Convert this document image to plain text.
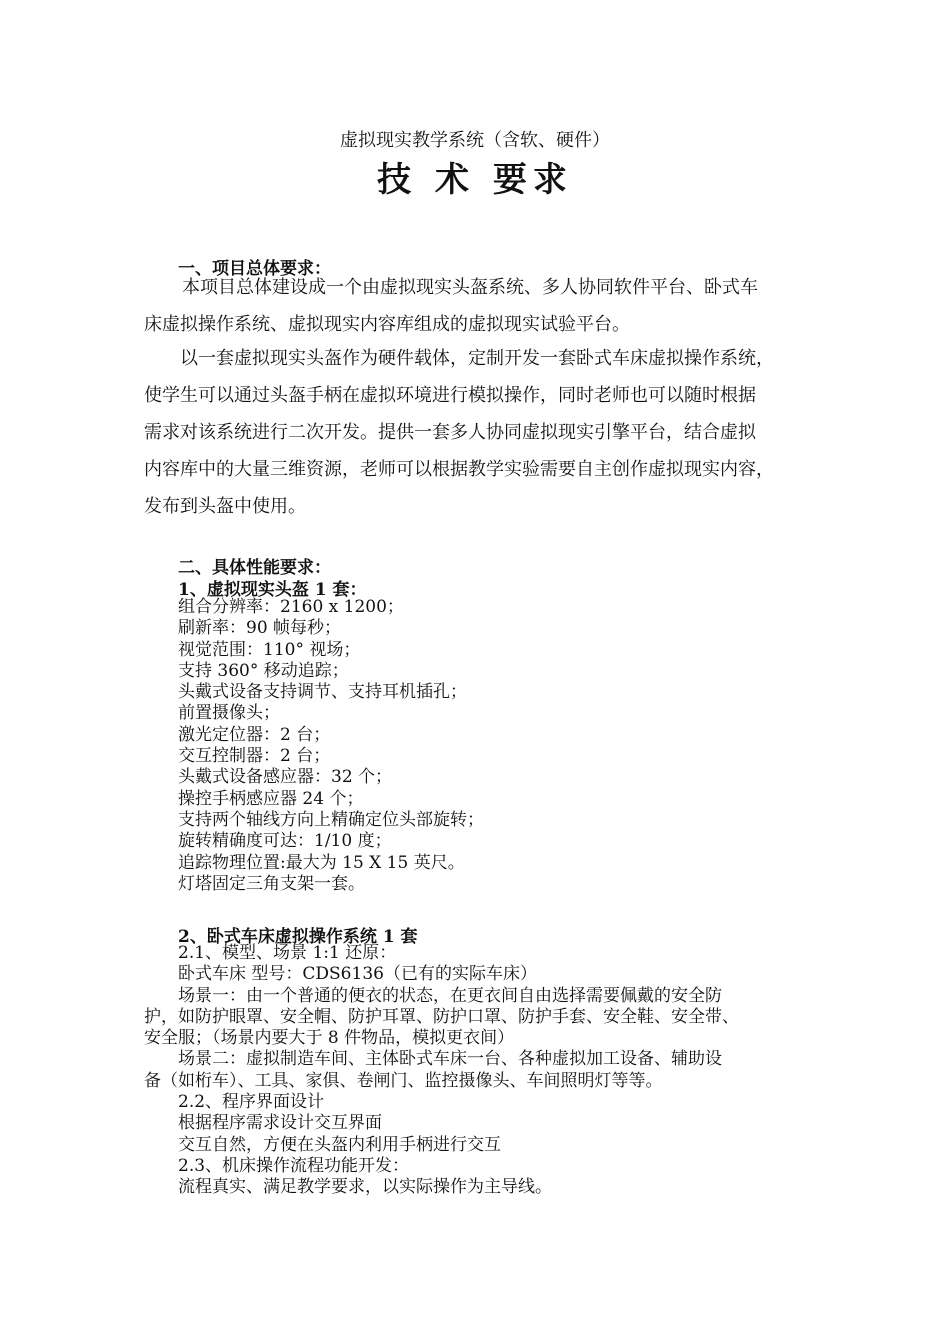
虚拟现实教学系统（含软、硬件）
技 术 要求
一、项目总体要求：
本项目总体建设成一个由虚拟现实头盔系统、多人协同软件平台、卧式车
床虚拟操作系统、虚拟现实内容库组成的虚拟现实试验平台。
以一套虚拟现实头盔作为硬件载体，定制开发一套卧式车床虚拟操作系统，
使学生可以通过头盔手柄在虚拟环境进行模拟操作，同时老师也可以随时根据
需求对该系统进行二次开发。提供一套多人协同虚拟现实引擎平台，结合虚拟
内容库中的大量三维资源，老师可以根据教学实验需要自主创作虚拟现实内容，
发布到头盔中使用。
二、具体性能要求：
1、虚拟现实头盔 1 套：
组合分辨率：2160 x 1200；
刷新率：90 帧每秒；
视觉范围：110° 视场；
支持 360° 移动追踪；
头戴式设备支持调节、支持耳机插孔；
前置摄像头；
激光定位器：2 台；
交互控制器：2 台；
头戴式设备感应器：32 个；
操控手柄感应器 24 个；
支持两个轴线方向上精确定位头部旋转；
旋转精确度可达：1/10 度；
追踪物理位置:最大为 15 X 15 英尺。
灯塔固定三角支架一套。
2、卧式车床虚拟操作系统 1 套
2.1、模型、场景 1:1 还原：
卧式车床 型号：CDS6136（已有的实际车床）
场景一：由一个普通的便衣的状态，在更衣间自由选择需要佩戴的安全防
护，如防护眼罩、安全帽、防护耳罩、防护口罩、防护手套、安全鞋、安全带、
安全服；（场景内要大于 8 件物品，模拟更衣间）
场景二：虚拟制造车间、主体卧式车床一台、各种虚拟加工设备、辅助设
备（如桁车）、工具、家俱、卷闸门、监控摄像头、车间照明灯等等。
2.2、程序界面设计
根据程序需求设计交互界面
交互自然，方便在头盔内利用手柄进行交互
2.3、机床操作流程功能开发：
流程真实、满足教学要求，以实际操作为主导线。
